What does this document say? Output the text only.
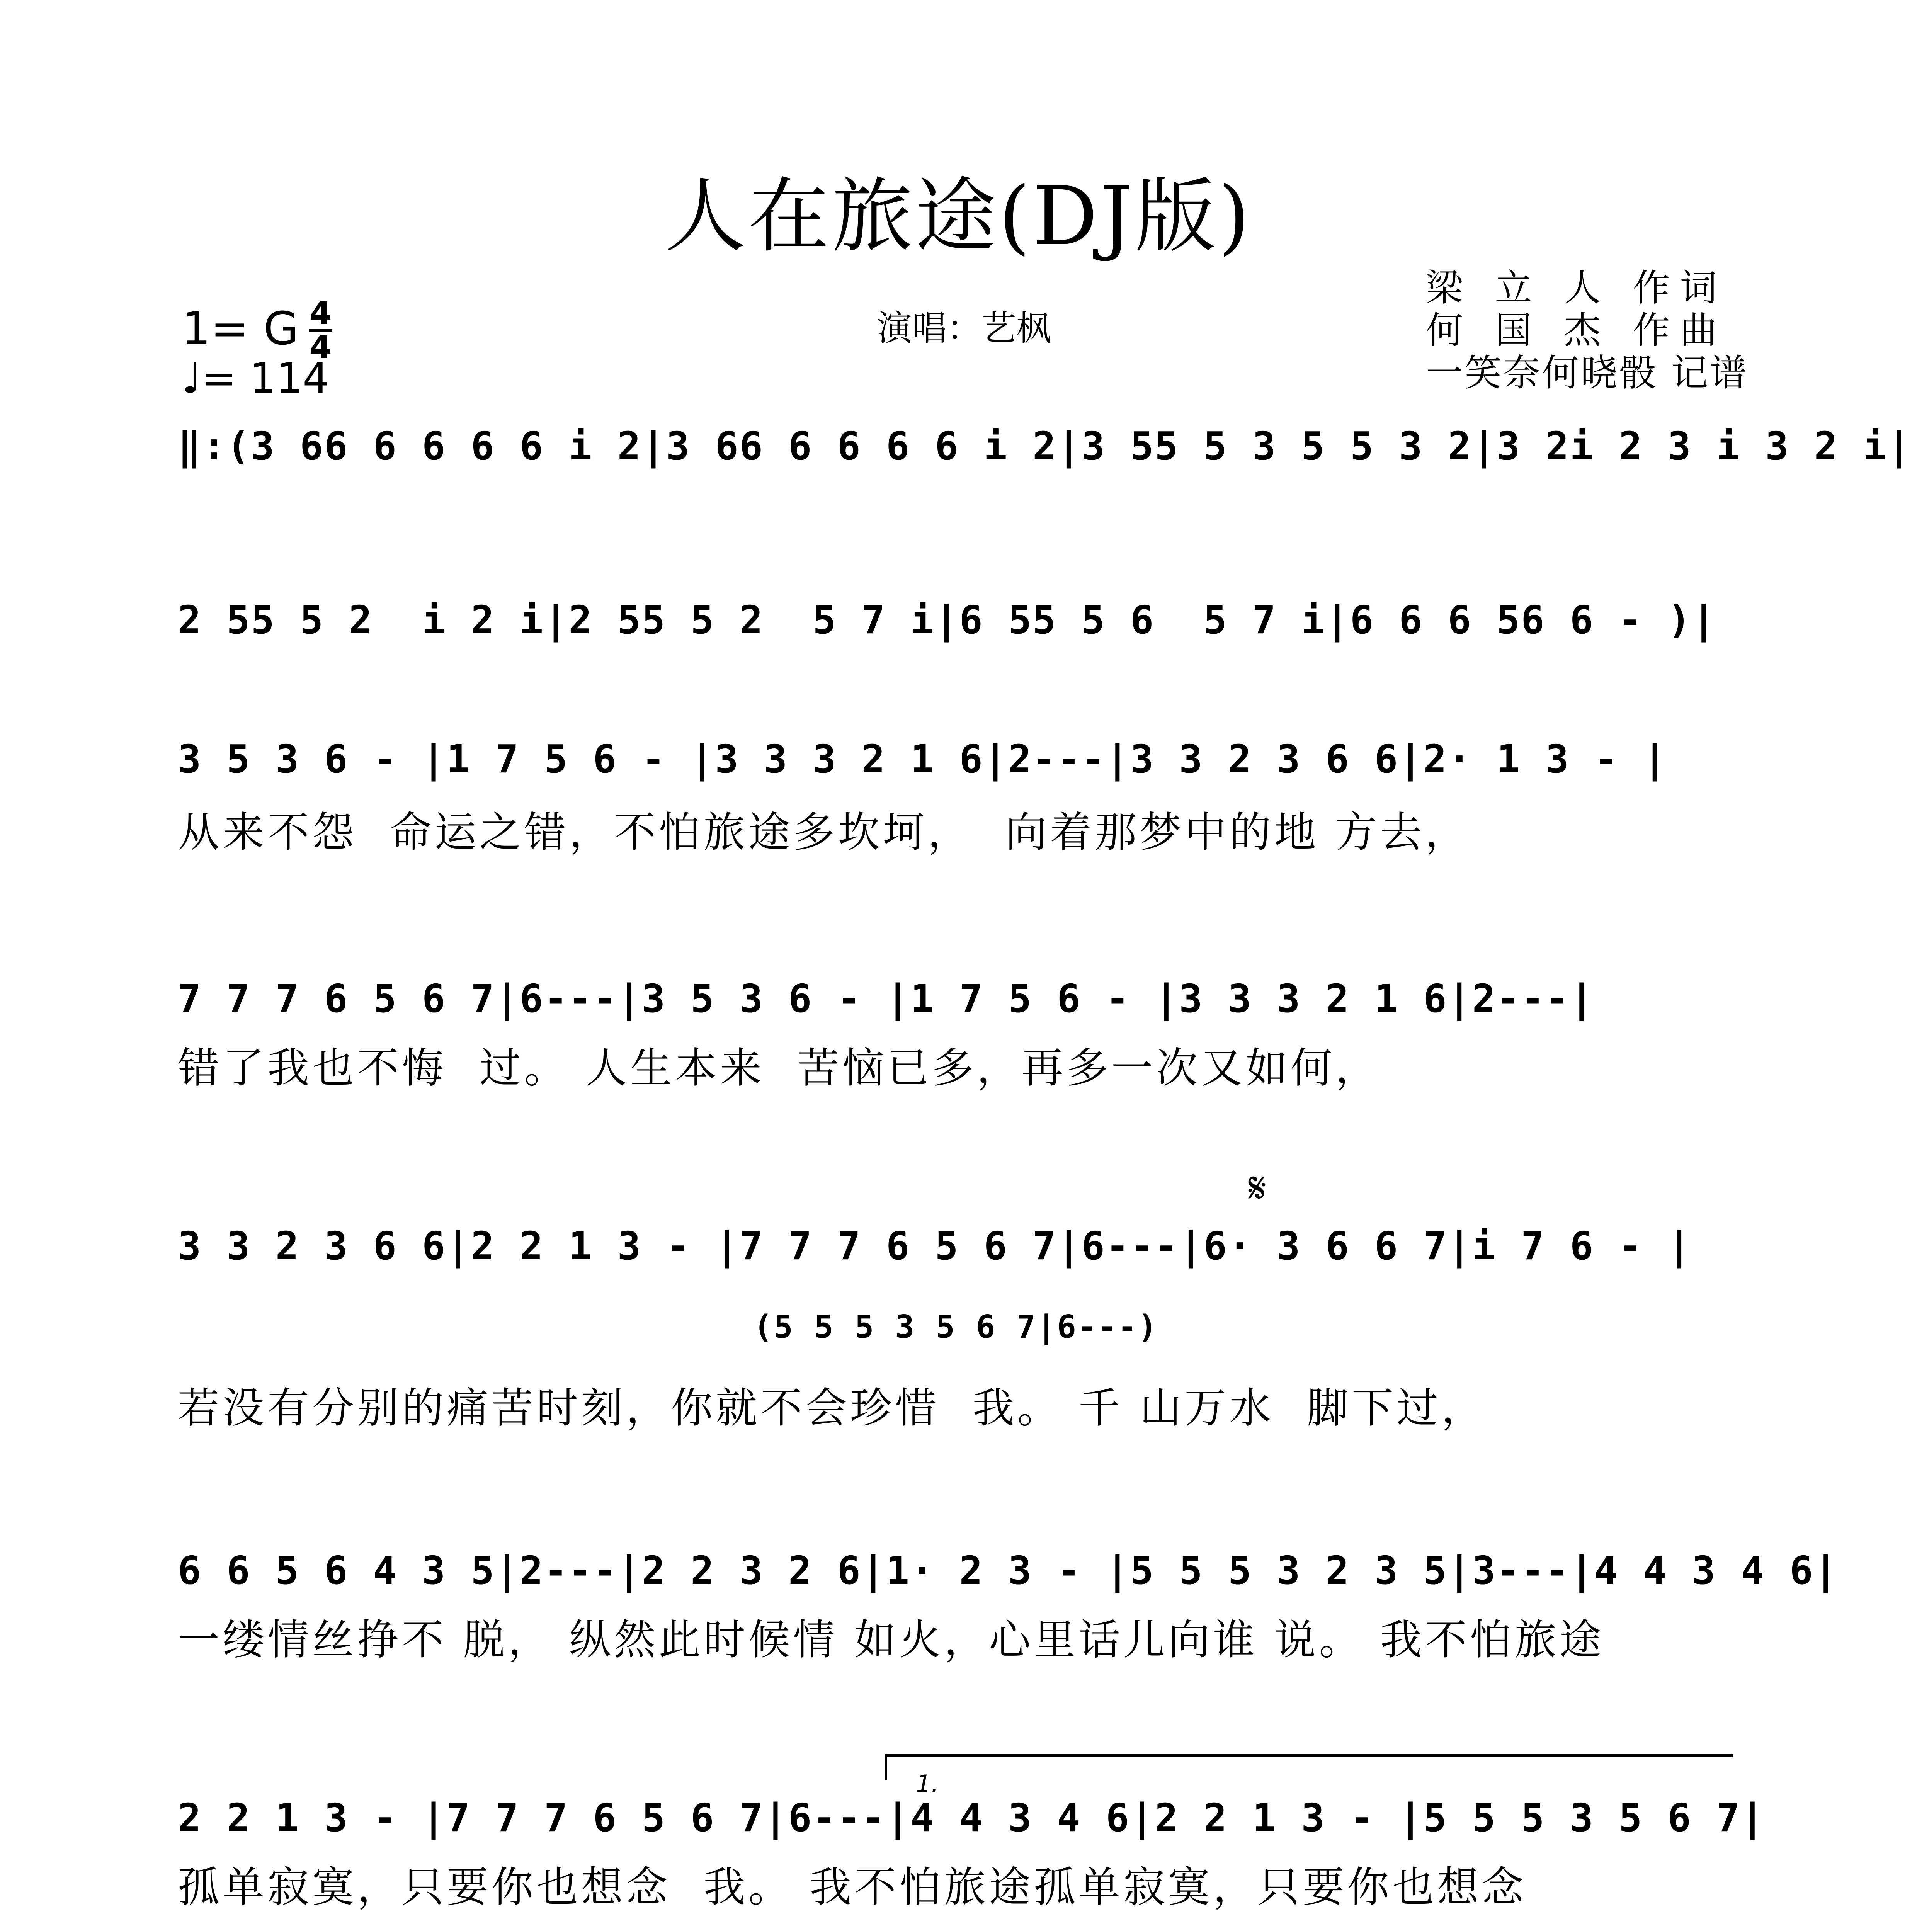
人在旅途(DJ版)
1= G 4
4
♩= 114
演唱：艺枫
梁 立 人 作词
何 国 杰 作曲
一笑奈何晓骰 记谱
‖:(3 66 6 6 6 6 i 2|3 66 6 6 6 6 i 2|3 55 5 3 5 5 3 2|3 2i 2 3 i 3 2 i|
2 55 5 2  i 2 i|2 55 5 2  5 7 i|6 55 5 6  5 7 i|6 6 6 56 6 - )|
3 5 3 6 - |1 7 5 6 - |3 3 3 2 1 6|2---|3 3 2 3 6 6|2· 1 3 - |
从来不怨  命运之错，不怕旅途多坎坷，  向着那梦中的地 方去，
7 7 7 6 5 6 7|6---|3 5 3 6 - |1 7 5 6 - |3 3 3 2 1 6|2---|
错了我也不悔  过。 人生本来  苦恼已多，再多一次又如何，
𝄋
3 3 2 3 6 6|2 2 1 3 - |7 7 7 6 5 6 7|6---|6· 3 6 6 7|i 7 6 - |
(5 5 5 3 5 6 7|6---)
若没有分别的痛苦时刻，你就不会珍惜  我。 千 山万水  脚下过，
6 6 5 6 4 3 5|2---|2 2 3 2 6|1· 2 3 - |5 5 5 3 2 3 5|3---|4 4 3 4 6|
一缕情丝挣不 脱， 纵然此时候情 如火，心里话儿向谁 说。 我不怕旅途
1.
2 2 1 3 - |7 7 7 6 5 6 7|6---|4 4 3 4 6|2 2 1 3 - |5 5 5 3 5 6 7|
孤单寂寞，只要你也想念  我。 我不怕旅途孤单寂寞，只要你也想念
